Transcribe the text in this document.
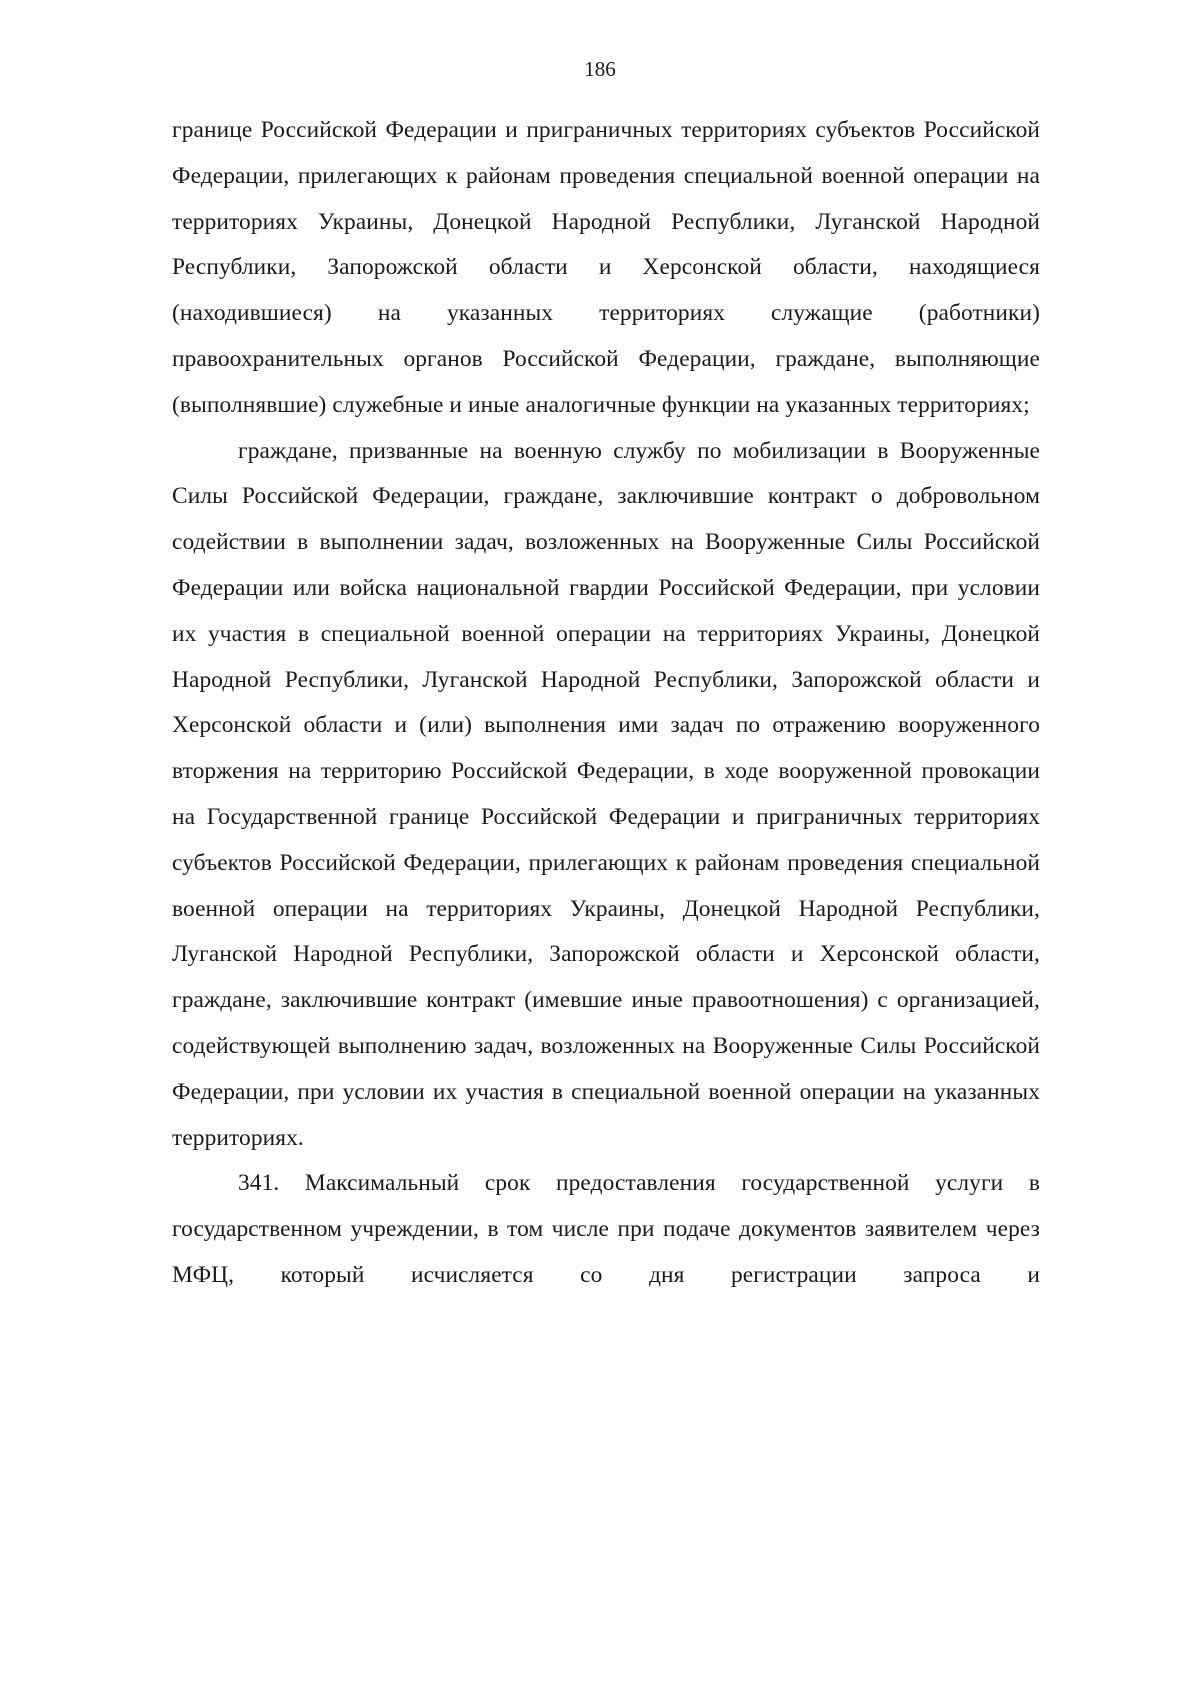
186

границе Российской Федерации и приграничных территориях субъектов Российской Федерации, прилегающих к районам проведения специальной военной операции на территориях Украины, Донецкой Народной Республики, Луганской Народной Республики, Запорожской области и Херсонской области, находящиеся (находившиеся) на указанных территориях служащие (работники) правоохранительных органов Российской Федерации, граждане, выполняющие (выполнявшие) служебные и иные аналогичные функции на указанных территориях;

граждане, призванные на военную службу по мобилизации в Вооруженные Силы Российской Федерации, граждане, заключившие контракт о добровольном содействии в выполнении задач, возложенных на Вооруженные Силы Российской Федерации или войска национальной гвардии Российской Федерации, при условии их участия в специальной военной операции на территориях Украины, Донецкой Народной Республики, Луганской Народной Республики, Запорожской области и Херсонской области и (или) выполнения ими задач по отражению вооруженного вторжения на территорию Российской Федерации, в ходе вооруженной провокации на Государственной границе Российской Федерации и приграничных территориях субъектов Российской Федерации, прилегающих к районам проведения специальной военной операции на территориях Украины, Донецкой Народной Республики, Луганской Народной Республики, Запорожской области и Херсонской области, граждане, заключившие контракт (имевшие иные правоотношения) с организацией, содействующей выполнению задач, возложенных на Вооруженные Силы Российской Федерации, при условии их участия в специальной военной операции на указанных территориях.

341. Максимальный срок предоставления государственной услуги в государственном учреждении, в том числе при подаче документов заявителем через МФЦ, который исчисляется со дня регистрации запроса и
